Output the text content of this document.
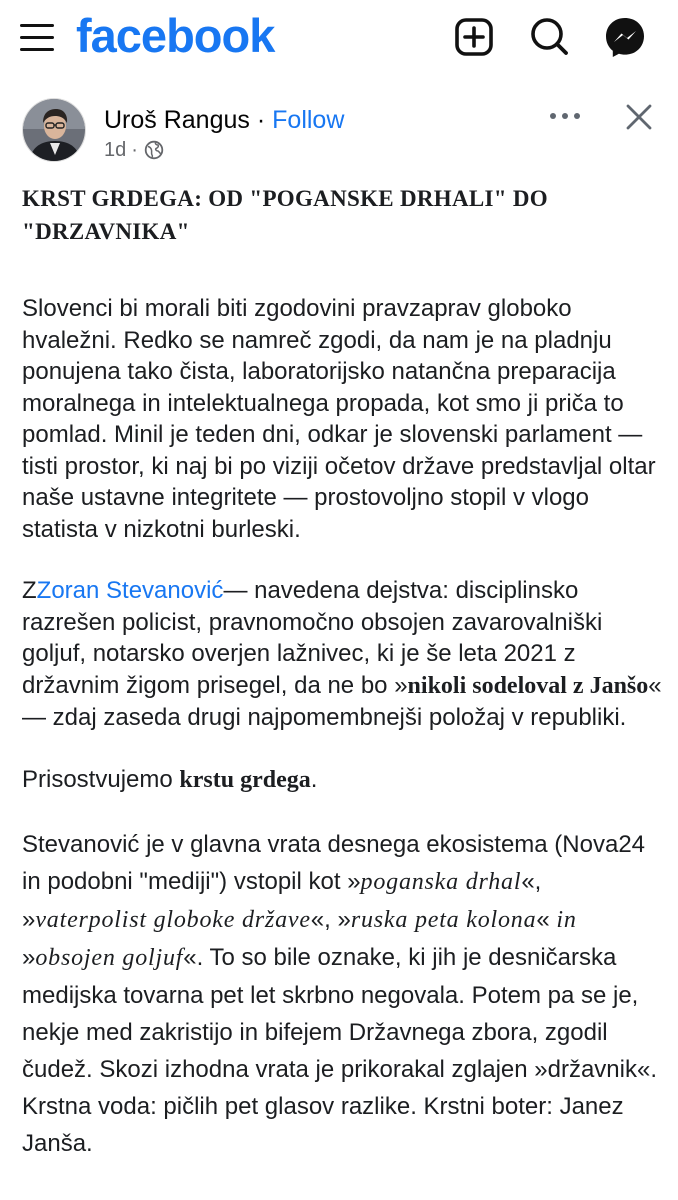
facebook
Uroš Rangus · Follow
1d ·
KRST GRDEGA: OD "POGANSKE DRHALI" DO "DRZAVNIKA"
Slovenci bi morali biti zgodovini pravzaprav globoko hvaležni. Redko se namreč zgodi, da nam je na pladnju ponujena tako čista, laboratorijsko natančna preparacija moralnega in intelektualnega propada, kot smo ji priča to pomlad. Minil je teden dni, odkar je slovenski parlament — tisti prostor, ki naj bi po viziji očetov države predstavljal oltar naše ustavne integritete — prostovoljno stopil v vlogo statista v nizkotni burleski.
ZZoran Stevanović— navedena dejstva: disciplinsko razrešen policist, pravnomočno obsojen zavarovalniški goljuf, notarsko overjen lažnivec, ki je še leta 2021 z državnim žigom prisegel, da ne bo »nikoli sodeloval z Janšo« — zdaj zaseda drugi najpomembnejši položaj v republiki.
Prisostvujemo krstu grdega.
Stevanović je v glavna vrata desnega ekosistema (Nova24 in podobni "mediji") vstopil kot »poganska drhal«, »vaterpolist globoke države«, »ruska peta kolona« in »obsojen goljuf«. To so bile oznake, ki jih je desničarska medijska tovarna pet let skrbno negovala. Potem pa se je, nekje med zakristijo in bifejem Državnega zbora, zgodil čudež. Skozi izhodna vrata je prikorakal zglajen »državnik«. Krstna voda: pičlih pet glasov razlike. Krstni boter: Janez Janša.
